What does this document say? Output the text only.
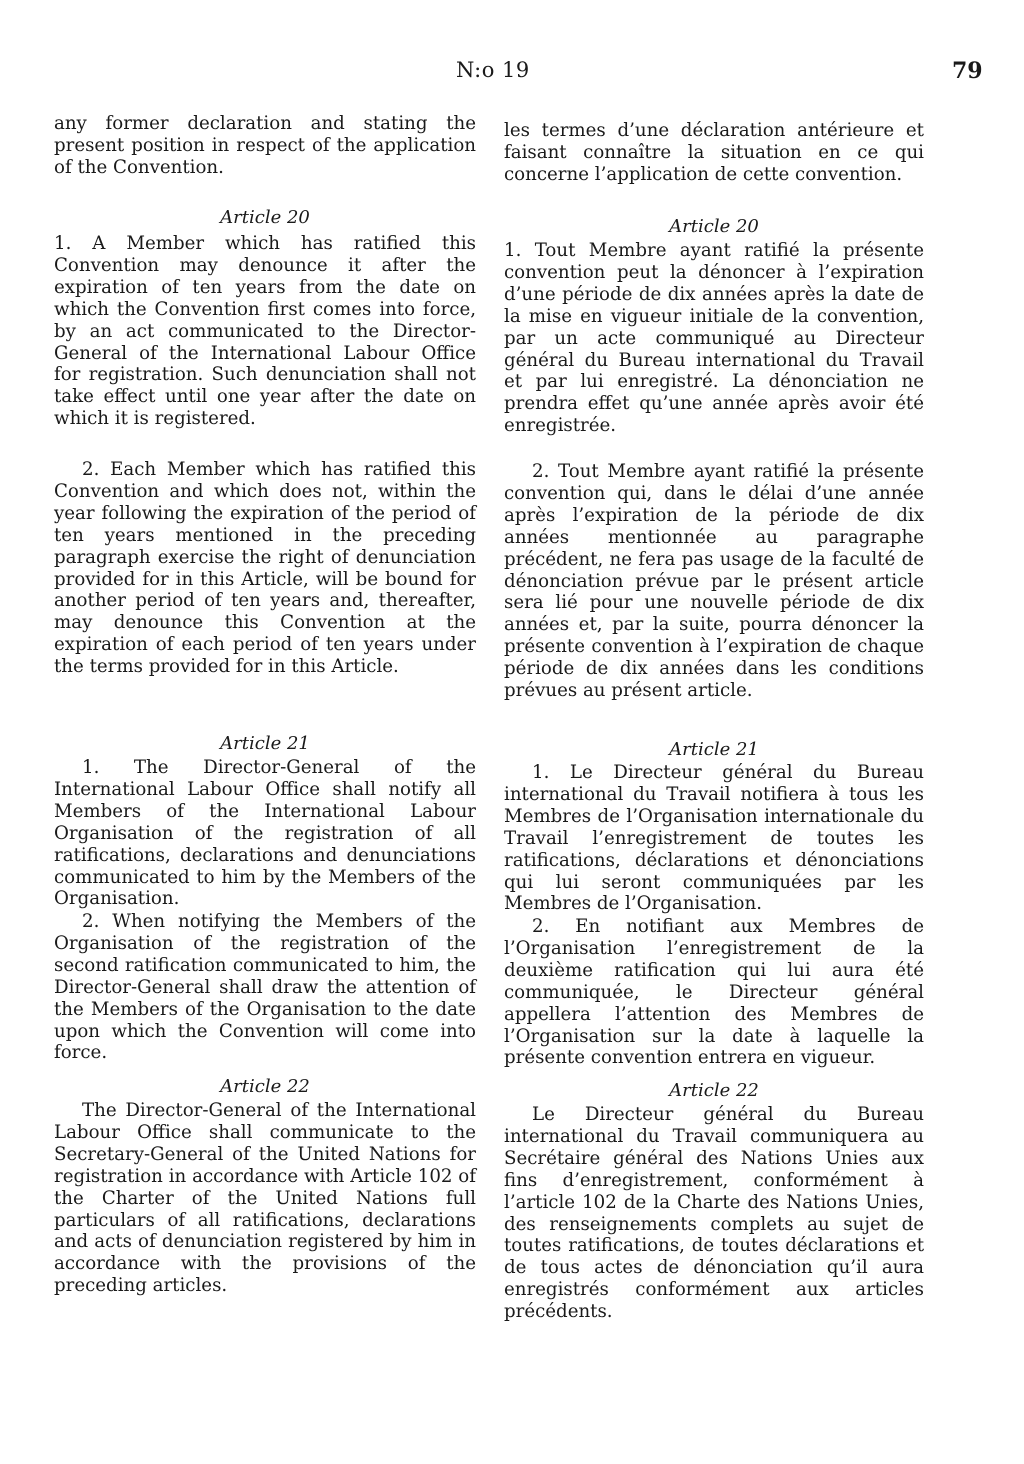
N:o 19	79

any former declaration and stating the present position in respect of the application of the Convention.

Article 20

1. A Member which has ratified this Convention may denounce it after the expiration of ten years from the date on which the Convention first comes into force, by an act communicated to the Director-General of the International Labour Office for registration. Such denunciation shall not take effect until one year after the date on which it is registered.

2. Each Member which has ratified this Convention and which does not, within the year following the expiration of the period of ten years mentioned in the preceding paragraph exercise the right of denunciation provided for in this Article, will be bound for another period of ten years and, thereafter, may denounce this Convention at the expiration of each period of ten years under the terms provided for in this Article.

Article 21

1. The Director-General of the International Labour Office shall notify all Members of the International Labour Organisation of the registration of all ratifications, declarations and denunciations communicated to him by the Members of the Organisation.

2. When notifying the Members of the Organisation of the registration of the second ratification communicated to him, the Director-General shall draw the attention of the Members of the Organisation to the date upon which the Convention will come into force.

Article 22

The Director-General of the International Labour Office shall communicate to the Secretary-General of the United Nations for registration in accordance with Article 102 of the Charter of the United Nations full particulars of all ratifications, declarations and acts of denunciation registered by him in accordance with the provisions of the preceding articles.

les termes d’une déclaration antérieure et faisant connaître la situation en ce qui concerne l’application de cette convention.

Article 20

1. Tout Membre ayant ratifié la présente convention peut la dénoncer à l’expiration d’une période de dix années après la date de la mise en vigueur initiale de la convention, par un acte communiqué au Directeur général du Bureau international du Travail et par lui enregistré. La dénonciation ne prendra effet qu’une année après avoir été enregistrée.

2. Tout Membre ayant ratifié la présente convention qui, dans le délai d’une année après l’expiration de la période de dix années mentionnée au paragraphe précédent, ne fera pas usage de la faculté de dénonciation prévue par le présent article sera lié pour une nouvelle période de dix années et, par la suite, pourra dénoncer la présente convention à l’expiration de chaque période de dix années dans les conditions prévues au présent article.

Article 21

1. Le Directeur général du Bureau international du Travail notifiera à tous les Membres de l’Organisation internationale du Travail l’enregistrement de toutes les ratifications, déclarations et dénonciations qui lui seront communiquées par les Membres de l’Organisation.

2. En notifiant aux Membres de l’Organisation l’enregistrement de la deuxième ratification qui lui aura été communiquée, le Directeur général appellera l’attention des Membres de l’Organisation sur la date à laquelle la présente convention entrera en vigueur.

Article 22

Le Directeur général du Bureau international du Travail communiquera au Secrétaire général des Nations Unies aux fins d’enregistrement, conformément à l’article 102 de la Charte des Nations Unies, des renseignements complets au sujet de toutes ratifications, de toutes déclarations et de tous actes de dénonciation qu’il aura enregistrés conformément aux articles précédents.
